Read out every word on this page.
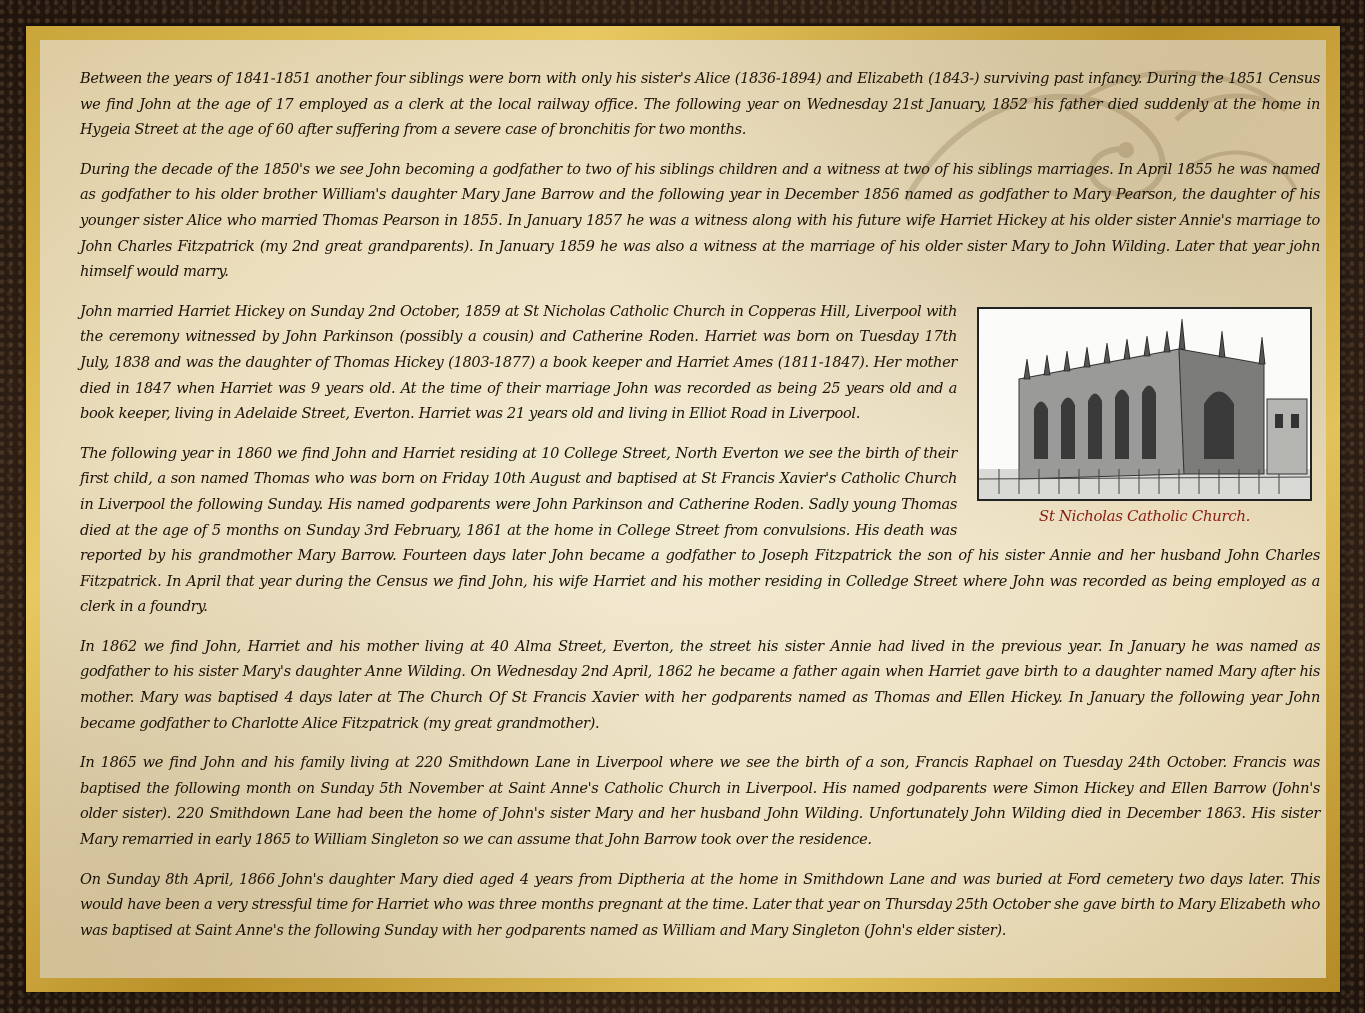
Between the years of 1841-1851 another four siblings were born with only his sister's Alice (1836-1894) and Elizabeth (1843-) surviving past infancy. During the 1851 Census we find John at the age of 17 employed as a clerk at the local railway office. The following year on Wednesday 21st January, 1852 his father died suddenly at the home in Hygeia Street at the age of 60 after suffering from a severe case of bronchitis for two months.

During the decade of the 1850's we see John becoming a godfather to two of his siblings children and a witness at two of his siblings marriages. In April 1855 he was named as godfather to his older brother William's daughter Mary Jane Barrow and the following year in December 1856 named as godfather to Mary Pearson, the daughter of his younger sister Alice who married Thomas Pearson in 1855. In January 1857 he was a witness along with his future wife Harriet Hickey at his older sister Annie's marriage to John Charles Fitzpatrick (my 2nd great grandparents). In January 1859 he was also a witness at the marriage of his older sister Mary to John Wilding. Later that year john himself would marry.

St Nicholas Catholic Church.

John married Harriet Hickey on Sunday 2nd October, 1859 at St Nicholas Catholic Church in Copperas Hill, Liverpool with the ceremony witnessed by John Parkinson (possibly a cousin) and Catherine Roden. Harriet was born on Tuesday 17th July, 1838 and was the daughter of Thomas Hickey (1803-1877) a book keeper and Harriet Ames (1811-1847). Her mother died in 1847 when Harriet was 9 years old. At the time of their marriage John was recorded as being 25 years old and a book keeper, living in Adelaide Street, Everton. Harriet was 21 years old and living in Elliot Road in Liverpool.

The following year in 1860 we find John and Harriet residing at 10 College Street, North Everton we see the birth of their first child, a son named Thomas who was born on Friday 10th August and baptised at St Francis Xavier's Catholic Church in Liverpool the following Sunday. His named godparents were John Parkinson and Catherine Roden. Sadly young Thomas died at the age of 5 months on Sunday 3rd February, 1861 at the home in College Street from convulsions. His death was reported by his grandmother Mary Barrow. Fourteen days later John became a godfather to Joseph Fitzpatrick the son of his sister Annie and her husband John Charles Fitzpatrick. In April that year during the Census we find John, his wife Harriet and his mother residing in Colledge Street where John was recorded as being employed as a clerk in a foundry.

In 1862 we find John, Harriet and his mother living at 40 Alma Street, Everton, the street his sister Annie had lived in the previous year. In January he was named as godfather to his sister Mary's daughter Anne Wilding. On Wednesday 2nd April, 1862 he became a father again when Harriet gave birth to a daughter named Mary after his mother. Mary was baptised 4 days later at The Church Of St Francis Xavier with her godparents named as Thomas and Ellen Hickey. In January the following year John became godfather to Charlotte Alice Fitzpatrick (my great grandmother).

In 1865 we find John and his family living at 220 Smithdown Lane in Liverpool where we see the birth of a son, Francis Raphael on Tuesday 24th October. Francis was baptised the following month on Sunday 5th November at Saint Anne's Catholic Church in Liverpool. His named godparents were Simon Hickey and Ellen Barrow (John's older sister). 220 Smithdown Lane had been the home of John's sister Mary and her husband John Wilding. Unfortunately John Wilding died in December 1863. His sister Mary remarried in early 1865 to William Singleton so we can assume that John Barrow took over the residence.

On Sunday 8th April, 1866 John's daughter Mary died aged 4 years from Diptheria at the home in Smithdown Lane and was buried at Ford cemetery two days later. This would have been a very stressful time for Harriet who was three months pregnant at the time. Later that year on Thursday 25th October she gave birth to Mary Elizabeth who was baptised at Saint Anne's the following Sunday with her godparents named as William and Mary Singleton (John's elder sister).
